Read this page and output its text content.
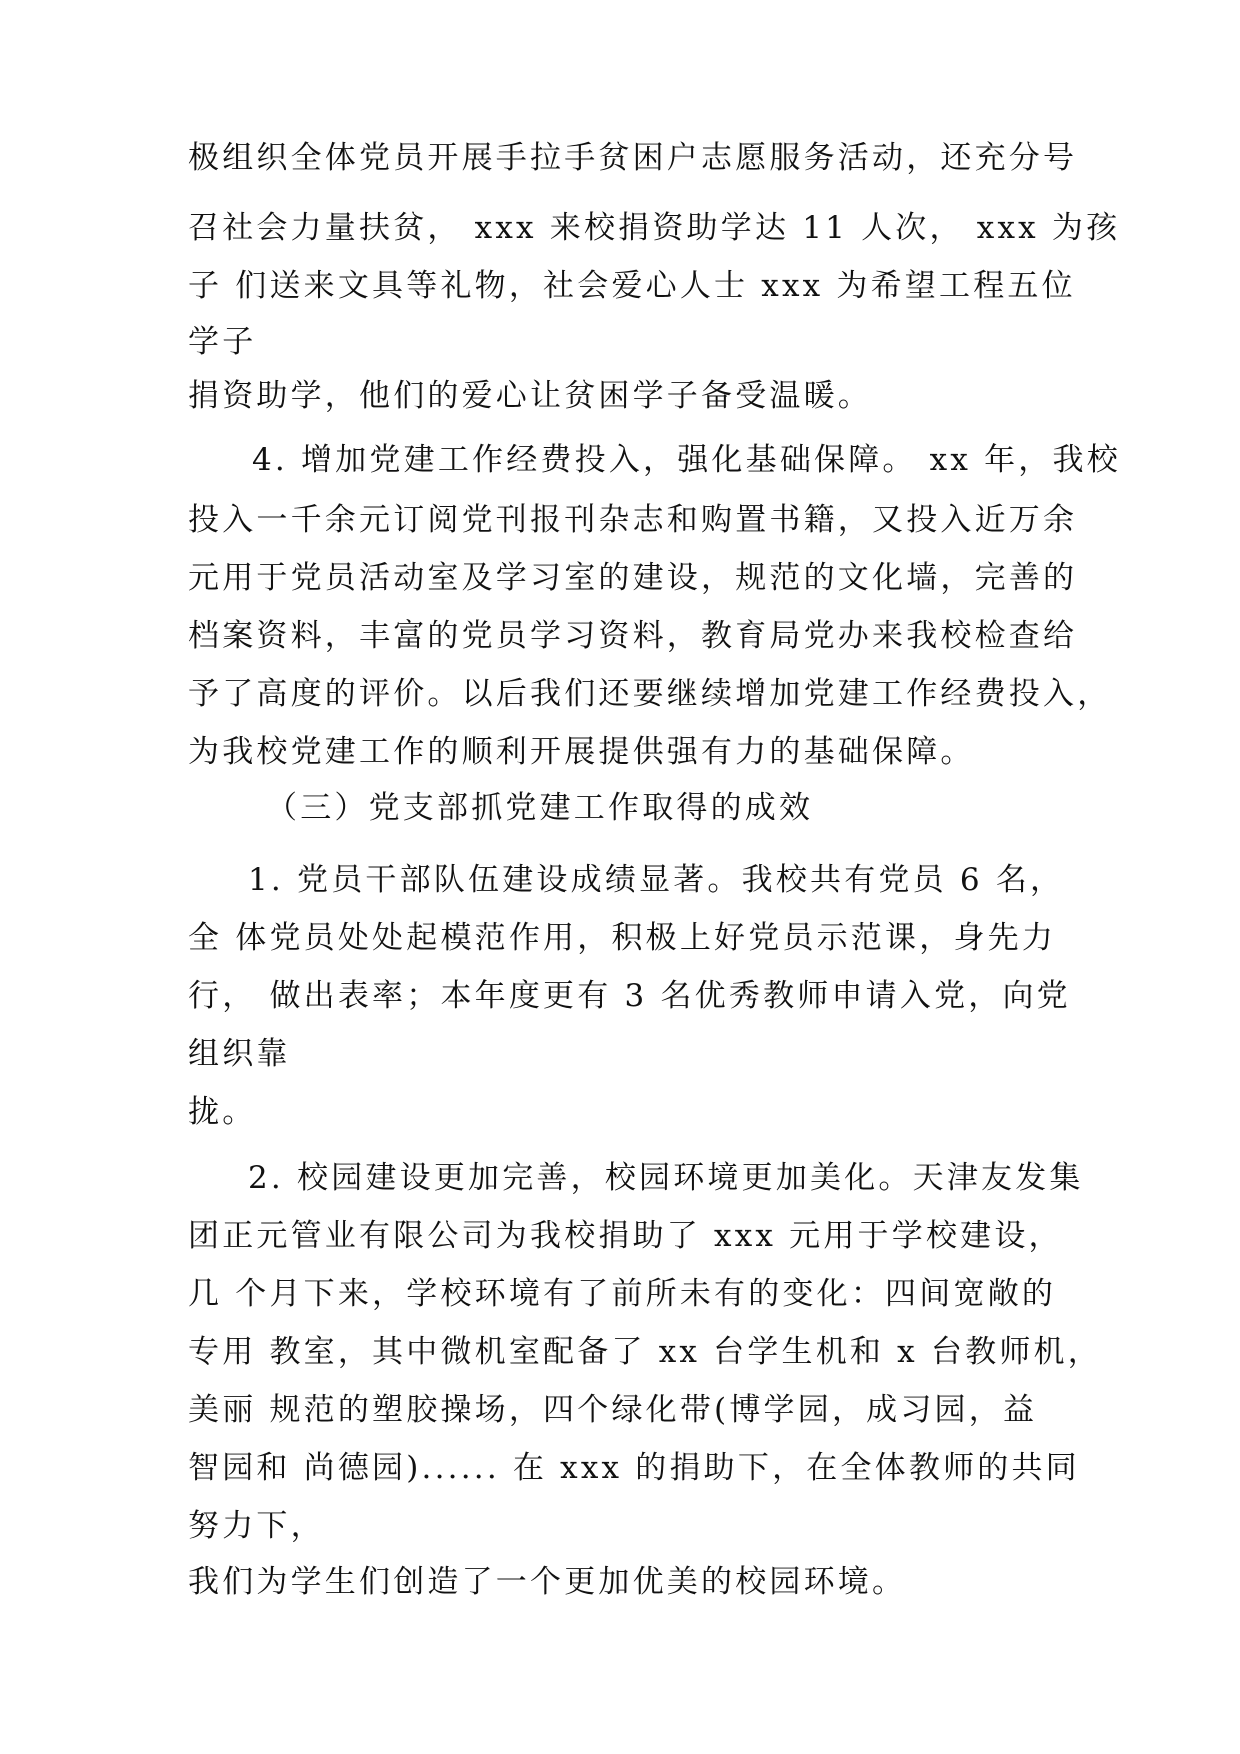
极组织全体党员开展手拉手贫困户志愿服务活动，还充分号
召社会力量扶贫， xxx 来校捐资助学达 11 人次， xxx 为孩
子 们送来文具等礼物，社会爱心人士 xxx 为希望工程五位
学子
捐资助学，他们的爱心让贫困学子备受温暖。
4. 增加党建工作经费投入，强化基础保障。 xx 年，我校
投入一千余元订阅党刊报刊杂志和购置书籍，又投入近万余
元用于党员活动室及学习室的建设，规范的文化墙，完善的
档案资料，丰富的党员学习资料，教育局党办来我校检查给
予了高度的评价。以后我们还要继续增加党建工作经费投入，
为我校党建工作的顺利开展提供强有力的基础保障。
（三）党支部抓党建工作取得的成效
1. 党员干部队伍建设成绩显著。我校共有党员 6 名，
全 体党员处处起模范作用，积极上好党员示范课，身先力
行， 做出表率；本年度更有 3 名优秀教师申请入党，向党
组织靠
拢。
2. 校园建设更加完善，校园环境更加美化。天津友发集
团正元管业有限公司为我校捐助了 xxx 元用于学校建设，
几 个月下来，学校环境有了前所未有的变化：四间宽敞的
专用 教室，其中微机室配备了 xx 台学生机和 x 台教师机，
美丽 规范的塑胶操场，四个绿化带(博学园，成习园，益
智园和 尚德园)...... 在 xxx 的捐助下，在全体教师的共同
努力下，
我们为学生们创造了一个更加优美的校园环境。
